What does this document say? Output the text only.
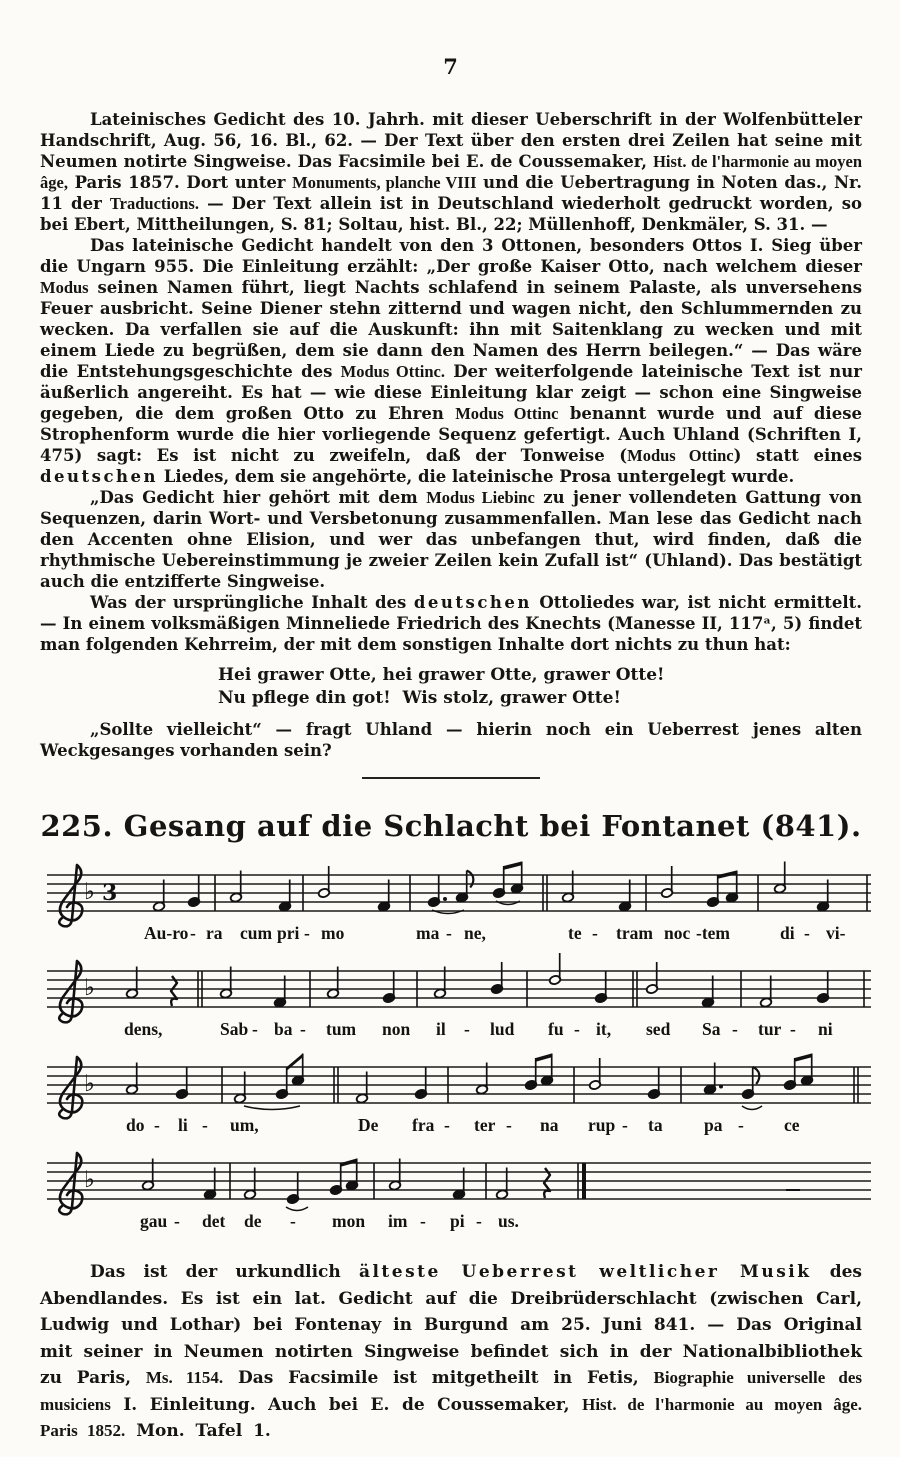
7

Lateinisches Gedicht des 10. Jahrh. mit dieser Ueberschrift in der Wolfenbütteler Handschrift, Aug. 56, 16. Bl., 62. — Der Text über den ersten drei Zeilen hat seine mit Neumen notirte Singweise. Das Facsimile bei E. de Coussemaker, Hist. de l'harmonie au moyen âge, Paris 1857. Dort unter Monuments, planche VIII und die Uebertragung in Noten das., Nr. 11 der Traductions. — Der Text allein ist in Deutschland wiederholt gedruckt worden, so bei Ebert, Mittheilungen, S. 81; Soltau, hist. Bl., 22; Müllenhoff, Denkmäler, S. 31. —

Das lateinische Gedicht handelt von den 3 Ottonen, besonders Ottos I. Sieg über die Ungarn 955. Die Einleitung erzählt: „Der große Kaiser Otto, nach welchem dieser Modus seinen Namen führt, liegt Nachts schlafend in seinem Palaste, als unversehens Feuer ausbricht. Seine Diener stehn zitternd und wagen nicht, den Schlummernden zu wecken. Da verfallen sie auf die Auskunft: ihn mit Saitenklang zu wecken und mit einem Liede zu begrüßen, dem sie dann den Namen des Herrn beilegen.“ — Das wäre die Entstehungsgeschichte des Modus Ottinc. Der weiterfolgende lateinische Text ist nur äußerlich angereiht. Es hat — wie diese Einleitung klar zeigt — schon eine Singweise gegeben, die dem großen Otto zu Ehren Modus Ottinc benannt wurde und auf diese Strophenform wurde die hier vorliegende Sequenz gefertigt. Auch Uhland (Schriften I, 475) sagt: Es ist nicht zu zweifeln, daß der Tonweise (Modus Ottinc) statt eines deutschen Liedes, dem sie angehörte, die lateinische Prosa untergelegt wurde.

„Das Gedicht hier gehört mit dem Modus Liebinc zu jener vollendeten Gattung von Sequenzen, darin Wort- und Versbetonung zusammenfallen. Man lese das Gedicht nach den Accenten ohne Elision, und wer das unbefangen thut, wird finden, daß die rhythmische Uebereinstimmung je zweier Zeilen kein Zufall ist“ (Uhland). Das bestätigt auch die entzifferte Singweise.

Was der ursprüngliche Inhalt des deutschen Ottoliedes war, ist nicht ermittelt. — In einem volksmäßigen Minneliede Friedrich des Knechts (Manesse II, 117ᵃ, 5) findet man folgenden Kehrreim, der mit dem sonstigen Inhalte dort nichts zu thun hat:

Hei grawer Otte, hei grawer Otte, grawer Otte!
Nu pflege din got!  Wis stolz, grawer Otte!

„Sollte vielleicht“ — fragt Uhland — hierin noch ein Ueberrest jenes alten Weckgesanges vorhanden sein?

225. Gesang auf die Schlacht bei Fontanet (841).
♭ 3
Au-ro - ra cum pri - mo	ma - ne,	te - tram noc -tem	di - vi-
♭
dens,	Sab - ba - tum non il - lud fu - it, sed Sa - tur - ni
♭
do - li - um,	De fra - ter - na rup - ta pa - ce
♭
gau - det de - mon im - pi - us.

Das ist der urkundlich älteste Ueberrest weltlicher Musik des Abendlandes. Es ist ein lat. Gedicht auf die Dreibrüderschlacht (zwischen Carl, Ludwig und Lothar) bei Fontenay in Burgund am 25. Juni 841. — Das Original mit seiner in Neumen notirten Singweise befindet sich in der Nationalbibliothek zu Paris, Ms. 1154. Das Facsimile ist mitgetheilt in Fetis, Biographie universelle des musiciens I. Einleitung. Auch bei E. de Coussemaker, Hist. de l'harmonie au moyen âge. Paris 1852. Mon. Tafel 1.
